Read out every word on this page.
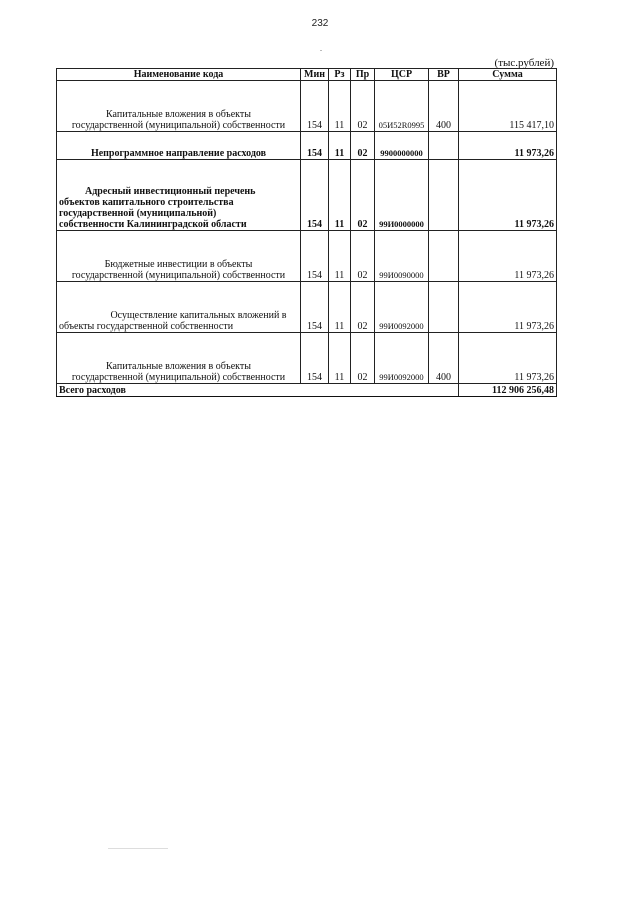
232
(тыс.рублей)
Наименование кода	Мин	Рз	Пр	ЦСР	ВР	Сумма

Капитальные вложения в объекты
государственной (муниципальной) собственности	154	11	02	05И52R0995	400	115 417,10

Непрограммное направление расходов	154	11	02	9900000000		11 973,26

Адресный инвестиционный перечень
объектов капитального строительства
государственной (муниципальной)
собственности Калининградской области	154	11	02	99И0000000		11 973,26

Бюджетные инвестиции в объекты
государственной (муниципальной) собственности	154	11	02	99И0090000		11 973,26

Осуществление капитальных вложений в
объекты государственной собственности	154	11	02	99И0092000		11 973,26

Капитальные вложения в объекты
государственной (муниципальной) собственности	154	11	02	99И0092000	400	11 973,26
Всего расходов						112 906 256,48
